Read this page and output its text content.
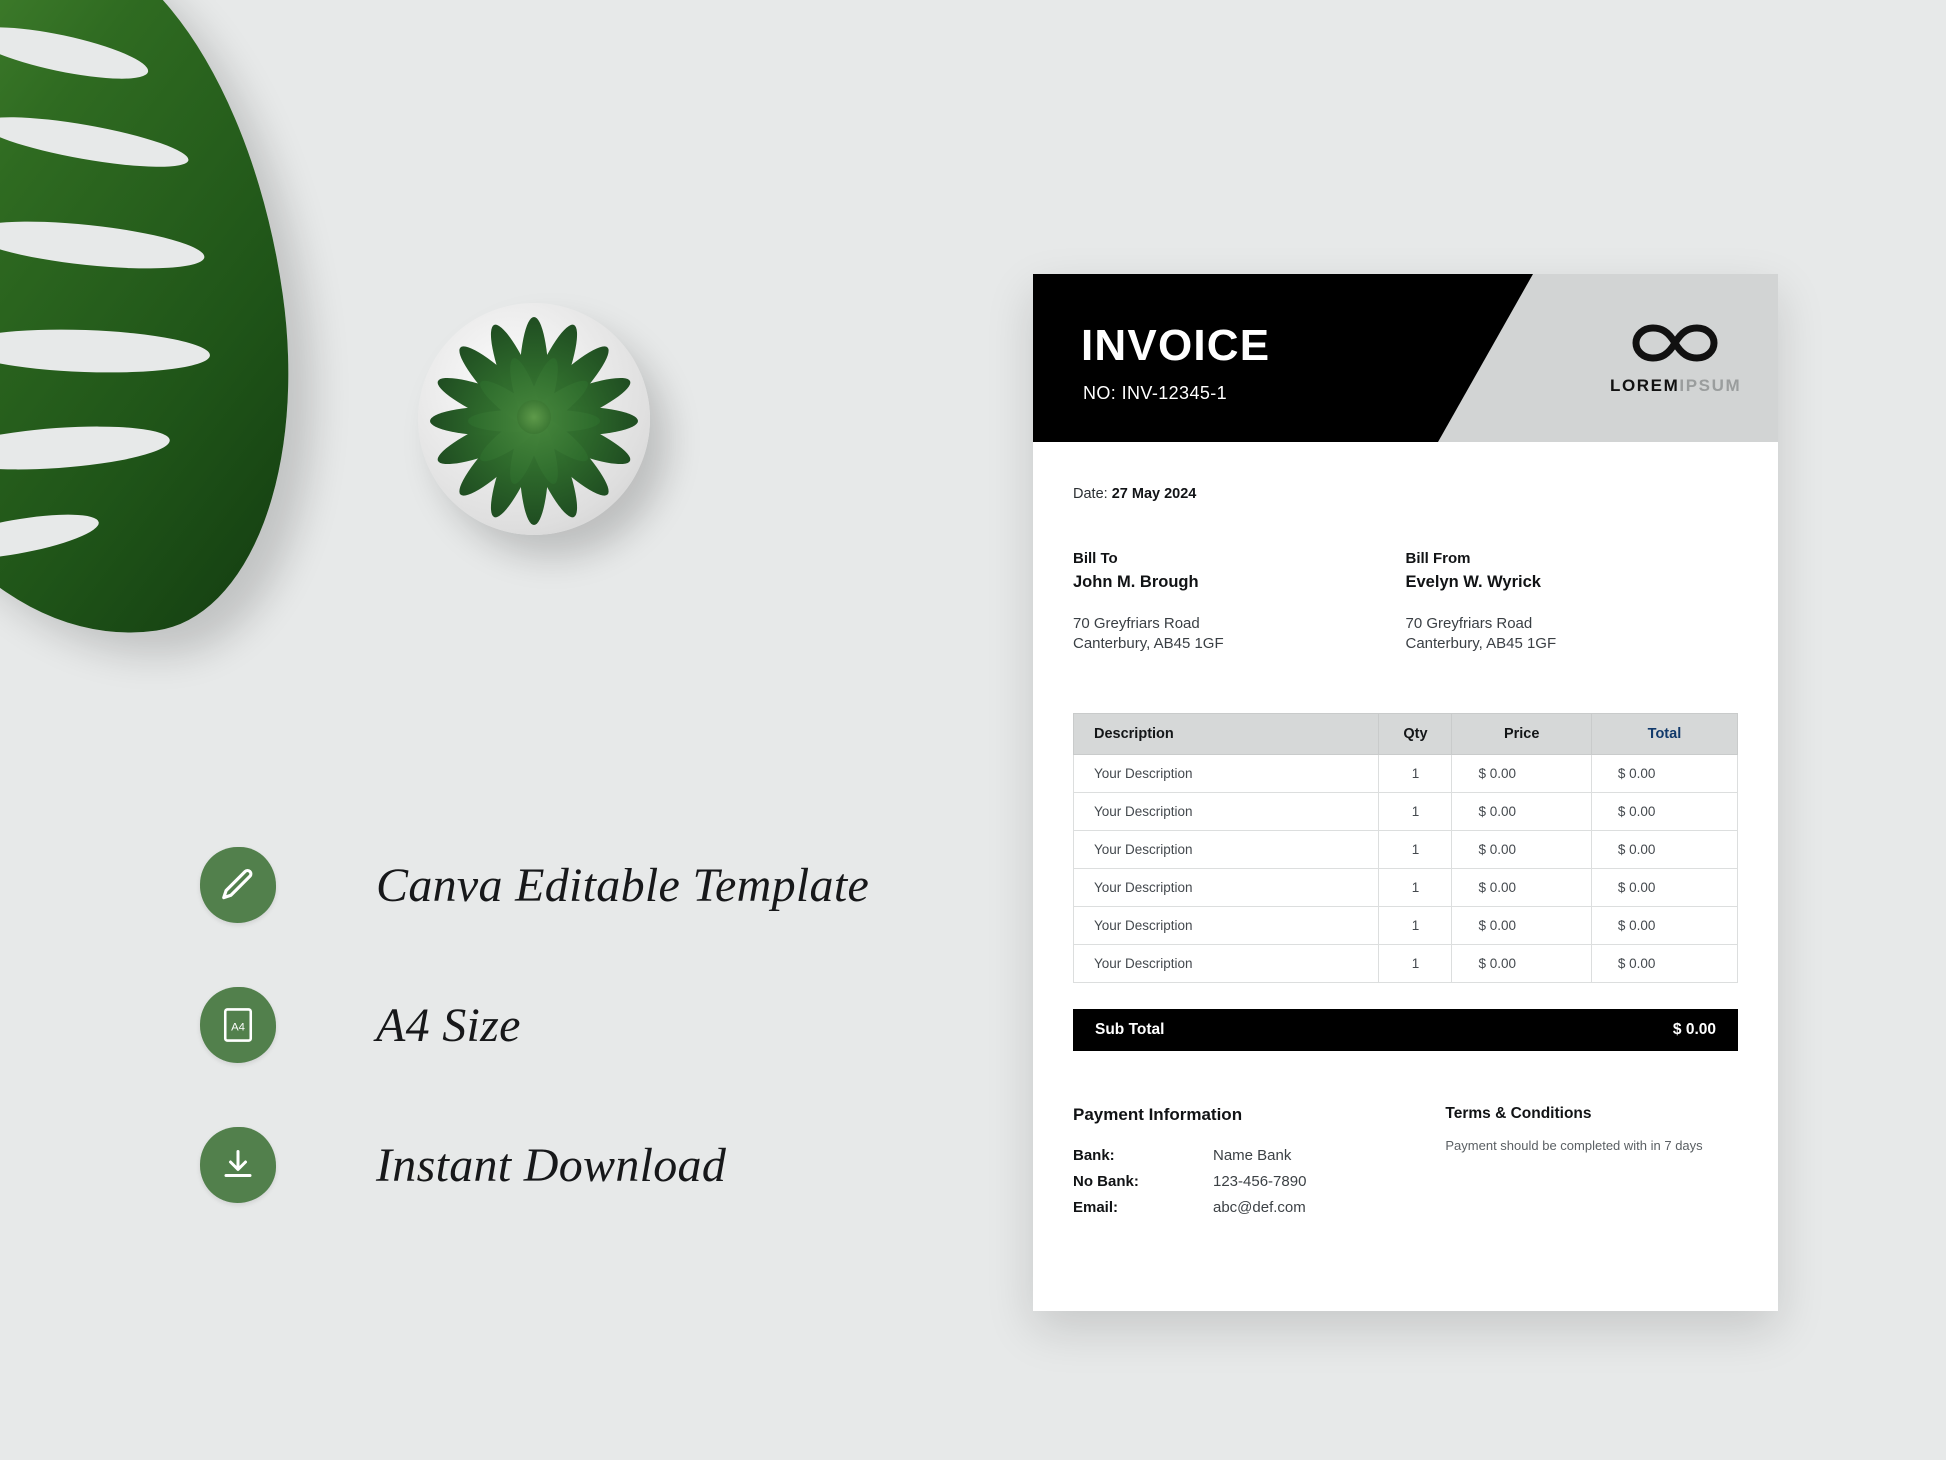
Canva Editable Template
A4	A4 Size
Instant Download
INVOICE
NO: INV-12345-1	LOREMIPSUM
Date: 27 May 2024
Bill To
John M. Brough
70 Greyfriars Road
Canterbury, AB45 1GF
Bill From
Evelyn W. Wyrick
70 Greyfriars Road
Canterbury, AB45 1GF
Description	Qty	Price	Total
Your Description	1	$ 0.00	$ 0.00
Your Description	1	$ 0.00	$ 0.00
Your Description	1	$ 0.00	$ 0.00
Your Description	1	$ 0.00	$ 0.00
Your Description	1	$ 0.00	$ 0.00
Your Description	1	$ 0.00	$ 0.00
Sub Total	$ 0.00
Payment Information
Bank:	Name Bank
No Bank:	123-456-7890
Email:	abc@def.com
Terms & Conditions
Payment should be completed with in 7 days
